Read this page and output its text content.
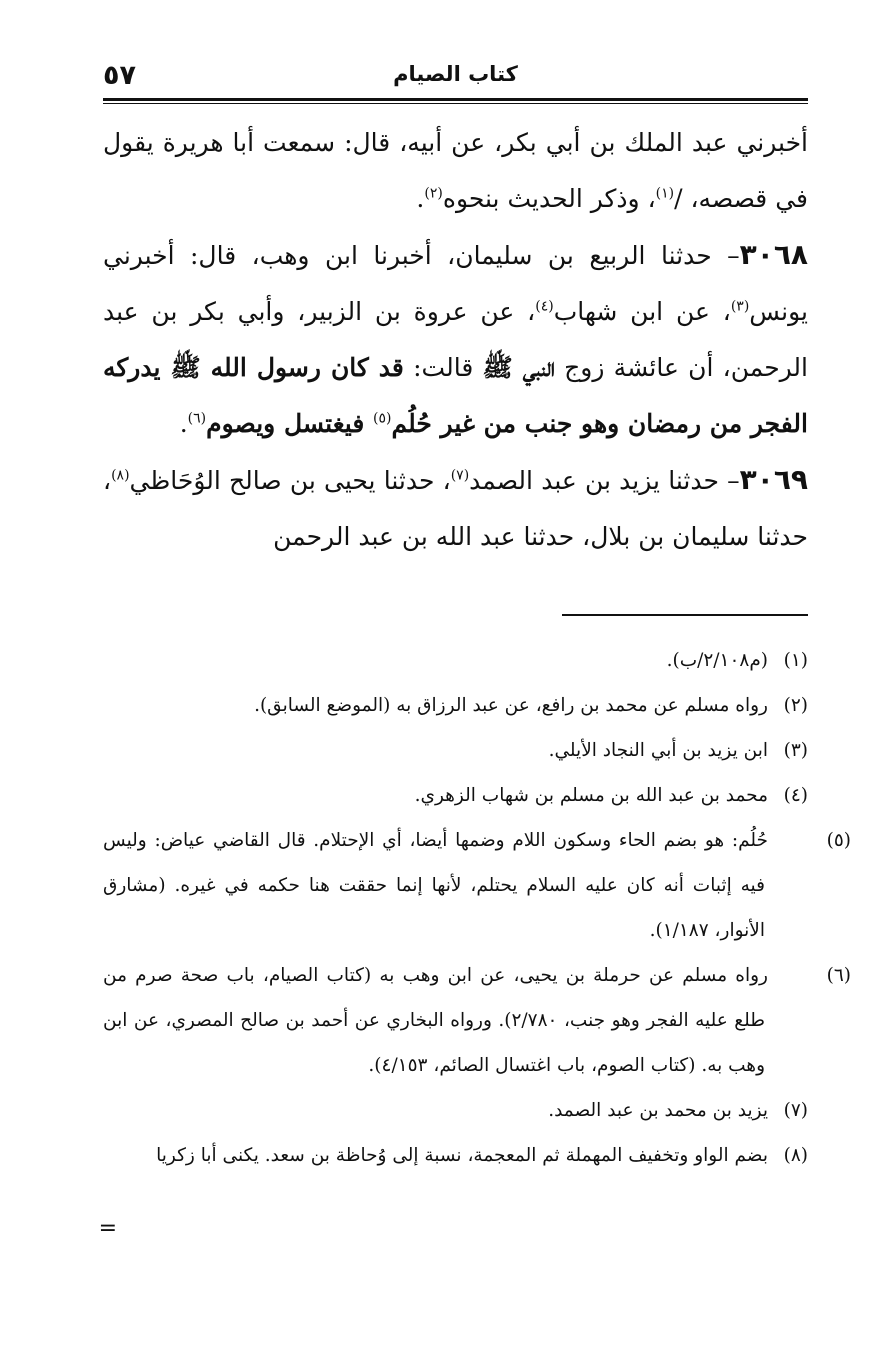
٥٧	كتاب الصيام

أخبرني عبد الملك بن أبي بكر، عن أبيه، قال: سمعت أبا هريرة يقول في قصصه، /$^{(١)}$، وذكر الحديث بنحوه$^{(٢)}$.

٣٠٦٨– حدثنا الربيع بن سليمان، أخبرنا ابن وهب، قال: أخبرني يونس$^{(٣)}$، عن ابن شهاب$^{(٤)}$، عن عروة بن الزبير، وأبي بكر بن عبد الرحمن، أن عائشة زوج النبي ﷺ قالت: قد كان رسول الله ﷺ يدركه الفجر من رمضان وهو جنب من غير حُلُم$^{(٥)}$ فيغتسل ويصوم$^{(٦)}$.

٣٠٦٩– حدثنا يزيد بن عبد الصمد$^{(٧)}$، حدثنا يحيى بن صالح الوُحَاظي$^{(٨)}$، حدثنا سليمان بن بلال، حدثنا عبد الله بن عبد الرحمن

(١)(م٢/١٠٨/ب).

(٢)رواه مسلم عن محمد بن رافع، عن عبد الرزاق به (الموضع السابق).

(٣)ابن يزيد بن أبي النجاد الأيلي.

(٤)محمد بن عبد الله بن مسلم بن شهاب الزهري.

(٥)حُلُم: هو بضم الحاء وسكون اللام وضمها أيضا، أي الإحتلام. قال القاضي عياض: وليس فيه إثبات أنه كان عليه السلام يحتلم، لأنها إنما حققت هنا حكمه في غيره. (مشارق الأنوار، ١/١٨٧).

(٦)رواه مسلم عن حرملة بن يحيى، عن ابن وهب به (كتاب الصيام، باب صحة صرم من طلع عليه الفجر وهو جنب، ٢/٧٨٠). ورواه البخاري عن أحمد بن صالح المصري، عن ابن وهب به. (كتاب الصوم، باب اغتسال الصائم، ٤/١٥٣).

(٧)يزيد بن محمد بن عبد الصمد.

(٨)بضم الواو وتخفيف المهملة ثم المعجمة، نسبة إلى وُحاظة بن سعد. يكنى أبا زكريا

=
